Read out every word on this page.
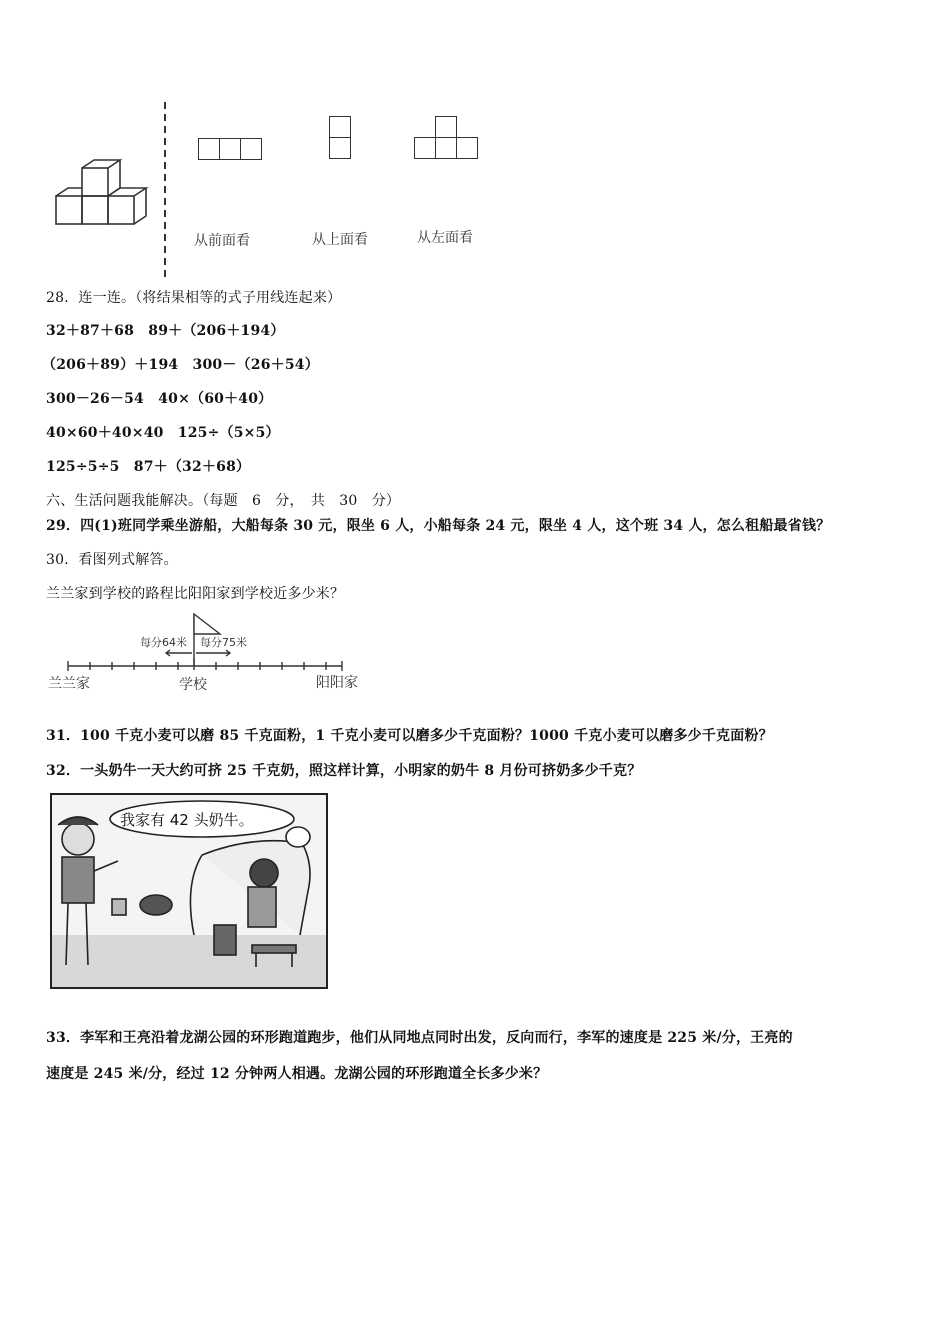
从前面看	从上面看	从左面看
28．连一连。（将结果相等的式子用线连起来）
32＋87＋68　89＋（206＋194）
（206＋89）＋194　300－（26＋54）
300－26－54　40×（60＋40）
40×60＋40×40　125÷（5×5）
125÷5÷5　87＋（32＋68）
六、生活问题我能解决。（每题　6　分，　共　30　分）
29．四(1)班同学乘坐游船，大船每条 30 元，限坐 6 人，小船每条 24 元，限坐 4 人，这个班 34 人，怎么租船最省钱？
30．看图列式解答。
兰兰家到学校的路程比阳阳家到学校近多少米？
每分64米 每分75米
兰兰家	学校	阳阳家
31．100 千克小麦可以磨 85 千克面粉，1 千克小麦可以磨多少千克面粉？1000 千克小麦可以磨多少千克面粉？
32．一头奶牛一天大约可挤 25 千克奶，照这样计算，小明家的奶牛 8 月份可挤奶多少千克？
我家有 42 头奶牛。
33．李军和王亮沿着龙湖公园的环形跑道跑步，他们从同地点同时出发，反向而行，李军的速度是 225 米/分，王亮的
速度是 245 米/分，经过 12 分钟两人相遇。龙湖公园的环形跑道全长多少米？
